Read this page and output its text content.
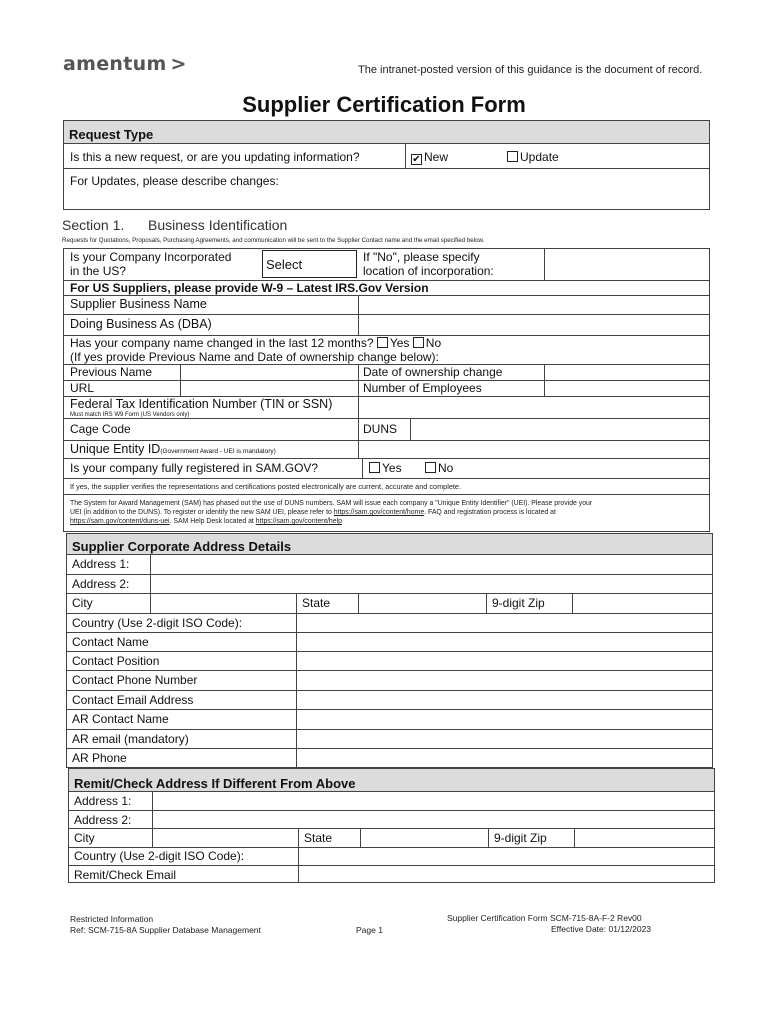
amentum >	The intranet-posted version of this guidance is the document of record.
Supplier Certification Form
Request Type
Is this a new request, or are you updating information?	✔ New	Update
For Updates, please describe changes:
Section 1. Business Identification
Requests for Quotations, Proposals, Purchasing Agreements, and communication will be sent to the Supplier Contact name and the email specified below.
Is your Company Incorporated
in the US?	Select	If "No", please specify
location of incorporation:
For US Suppliers, please provide W-9 – Latest IRS.Gov Version
Supplier Business Name
Doing Business As (DBA)
Has your company name changed in the last 12 months? Yes No
(If yes provide Previous Name and Date of ownership change below):
Previous Name	Date of ownership change
URL	Number of Employees
Federal Tax Identification Number (TIN or SSN)
Must match IRS W9 Form (US Vendors only)
Cage Code	DUNS
Unique Entity ID(Government Award - UEI is mandatory)
Is your company fully registered in SAM.GOV?	Yes	No
If yes, the supplier verifies the representations and certifications posted electronically are current, accurate and complete.
The System for Award Management (SAM) has phased out the use of DUNS numbers. SAM will issue each company a "Unique Entity Identifier" (UEI). Please provide your
UEI (in addition to the DUNS). To register or identify the new SAM UEI, please refer to https://sam.gov/content/home. FAQ and registration process is located at
https://sam.gov/content/duns-uei. SAM Help Desk located at https://sam.gov/content/help
Supplier Corporate Address Details
Address 1:
Address 2:
City	State	9-digit Zip
Country (Use 2-digit ISO Code):
Contact Name
Contact Position
Contact Phone Number
Contact Email Address
AR Contact Name
AR email (mandatory)
AR Phone
Remit/Check Address If Different From Above
Address 1:
Address 2:
City	State	9-digit Zip
Country (Use 2-digit ISO Code):
Remit/Check Email
Restricted Information
Ref: SCM-715-8A Supplier Database Management	Page 1
Supplier Certification Form SCM-715-8A-F-2 Rev00
Effective Date: 01/12/2023
